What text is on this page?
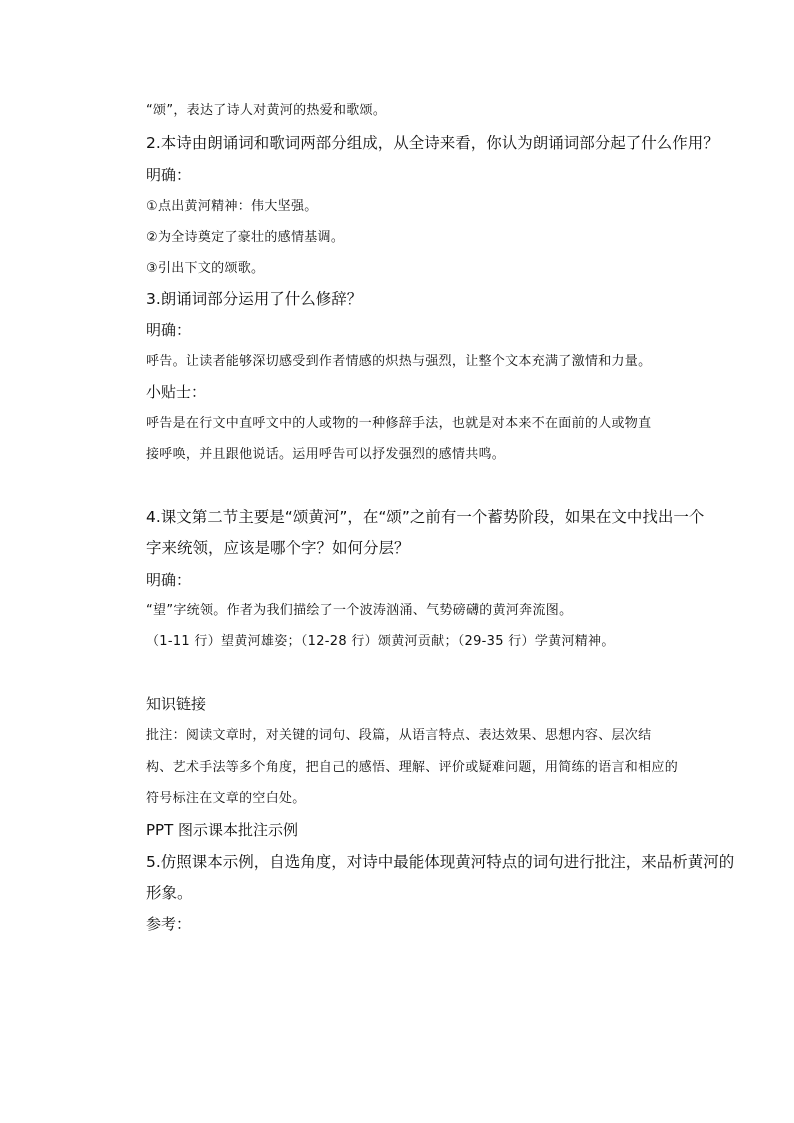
“颂”，表达了诗人对黄河的热爱和歌颂。
2.本诗由朗诵词和歌词两部分组成，从全诗来看，你认为朗诵词部分起了什么作用？
明确：
①点出黄河精神：伟大坚强。
②为全诗奠定了豪壮的感情基调。
③引出下文的颂歌。
3.朗诵词部分运用了什么修辞？
明确：
呼告。让读者能够深切感受到作者情感的炽热与强烈，让整个文本充满了激情和力量。
小贴士：
呼告是在行文中直呼文中的人或物的一种修辞手法，也就是对本来不在面前的人或物直
接呼唤，并且跟他说话。运用呼告可以抒发强烈的感情共鸣。
4.课文第二节主要是“颂黄河”，在“颂”之前有一个蓄势阶段，如果在文中找出一个
字来统领，应该是哪个字？如何分层？
明确：
“望”字统领。作者为我们描绘了一个波涛汹涌、气势磅礴的黄河奔流图。
（1-11 行）望黄河雄姿；（12-28 行）颂黄河贡献；（29-35 行）学黄河精神。
知识链接
批注：阅读文章时，对关键的词句、段篇，从语言特点、表达效果、思想内容、层次结
构、艺术手法等多个角度，把自己的感悟、理解、评价或疑难问题，用简练的语言和相应的
符号标注在文章的空白处。
PPT 图示课本批注示例
5.仿照课本示例，自选角度，对诗中最能体现黄河特点的词句进行批注，来品析黄河的
形象。
参考：
